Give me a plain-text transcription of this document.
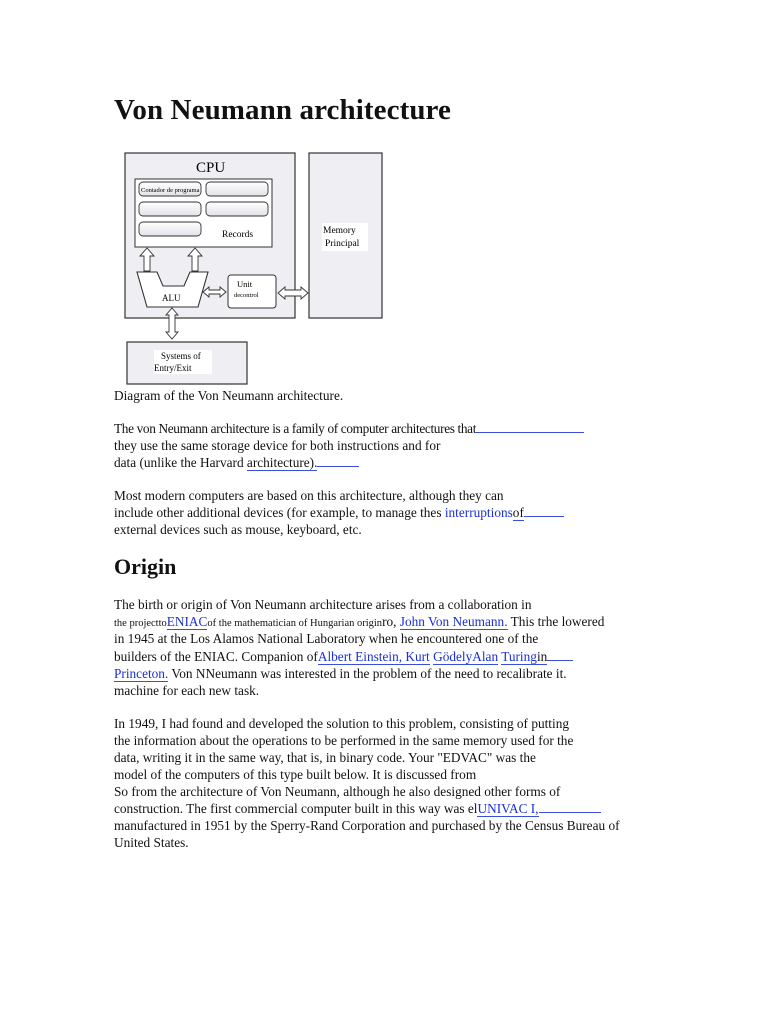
Von Neumann architecture
CPU
Contador de programa
Records
ALU
Unit
decontrol
Memory
Principal
Systems of
Entry/Exit

Diagram of the Von Neumann architecture.

The von Neumann architecture is a family of computer architectures that

they use the same storage device for both instructions and for

data (unlike the Harvard architecture).

Most modern computers are based on this architecture, although they can

include other additional devices (for example, to manage thes interruptionsof

external devices such as mouse, keyboard, etc.

Origin

The birth or origin of Von Neumann architecture arises from a collaboration in

the projecttoENIACof the mathematician of Hungarian originro, John Von Neumann. This trhe lowered

in 1945 at the Los Alamos National Laboratory when he encountered one of the

builders of the ENIAC. Companion ofAlbert Einstein, Kurt GödelyAlan Turingin

Princeton. Von NNeumann was interested in the problem of the need to recalibrate it.

machine for each new task.

In 1949, I had found and developed the solution to this problem, consisting of putting

the information about the operations to be performed in the same memory used for the

data, writing it in the same way, that is, in binary code. Your "EDVAC" was the

model of the computers of this type built below. It is discussed from

So from the architecture of Von Neumann, although he also designed other forms of

construction. The first commercial computer built in this way was elUNIVAC I,

manufactured in 1951 by the Sperry-Rand Corporation and purchased by the Census Bureau of

United States.
